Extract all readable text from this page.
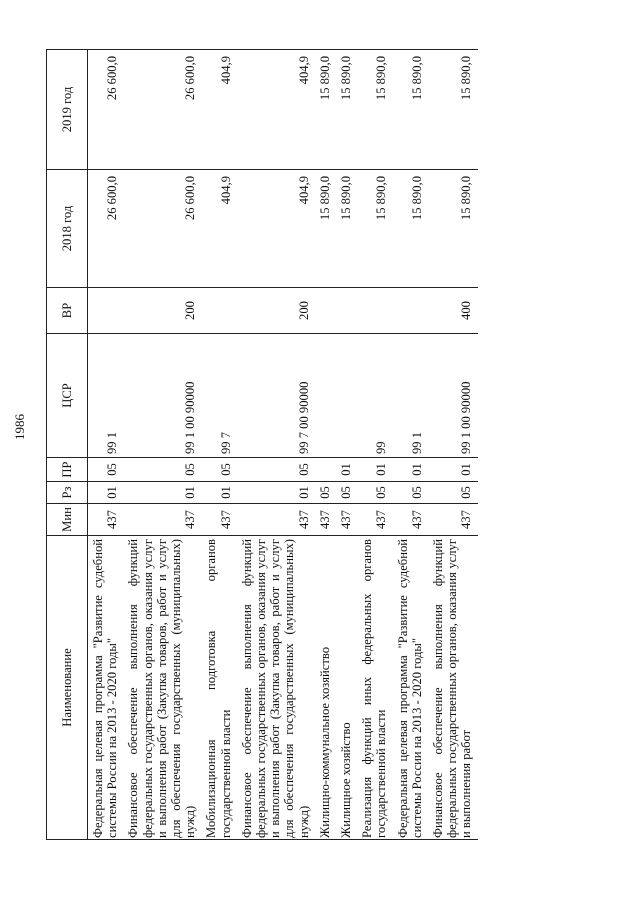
1986
Наименование	Мин	Рз	ПР	ЦСР	ВР	2018 год	2019 год
Федеральная целевая программа "Развитие судебной системы России на 2013 - 2020 годы"	437	01	05	99 1		26 600,0	26 600,0
Финансовое обеспечение выполнения функций федеральных государственных органов, оказания услуг и выполнения работ (Закупка товаров, работ и услуг для обеспечения государственных (муниципальных) нужд)	437	01	05	99 1 00 90000	200	26 600,0	26 600,0
Мобилизационная подготовка органов государственной власти	437	01	05	99 7		404,9	404,9
Финансовое обеспечение выполнения функций федеральных государственных органов, оказания услуг и выполнения работ (Закупка товаров, работ и услуг для обеспечения государственных (муниципальных) нужд)	437	01	05	99 7 00 90000	200	404,9	404,9
Жилищно-коммунальное хозяйство	437	05				15 890,0	15 890,0
Жилищное хозяйство	437	05	01			15 890,0	15 890,0
Реализация функций иных федеральных органов государственной власти	437	05	01	99		15 890,0	15 890,0
Федеральная целевая программа "Развитие судебной системы России на 2013 - 2020 годы"	437	05	01	99 1		15 890,0	15 890,0
Финансовое обеспечение выполнения функций федеральных государственных органов, оказания услуг и выполнения работ	437	05	01	99 1 00 90000	400	15 890,0	15 890,0
